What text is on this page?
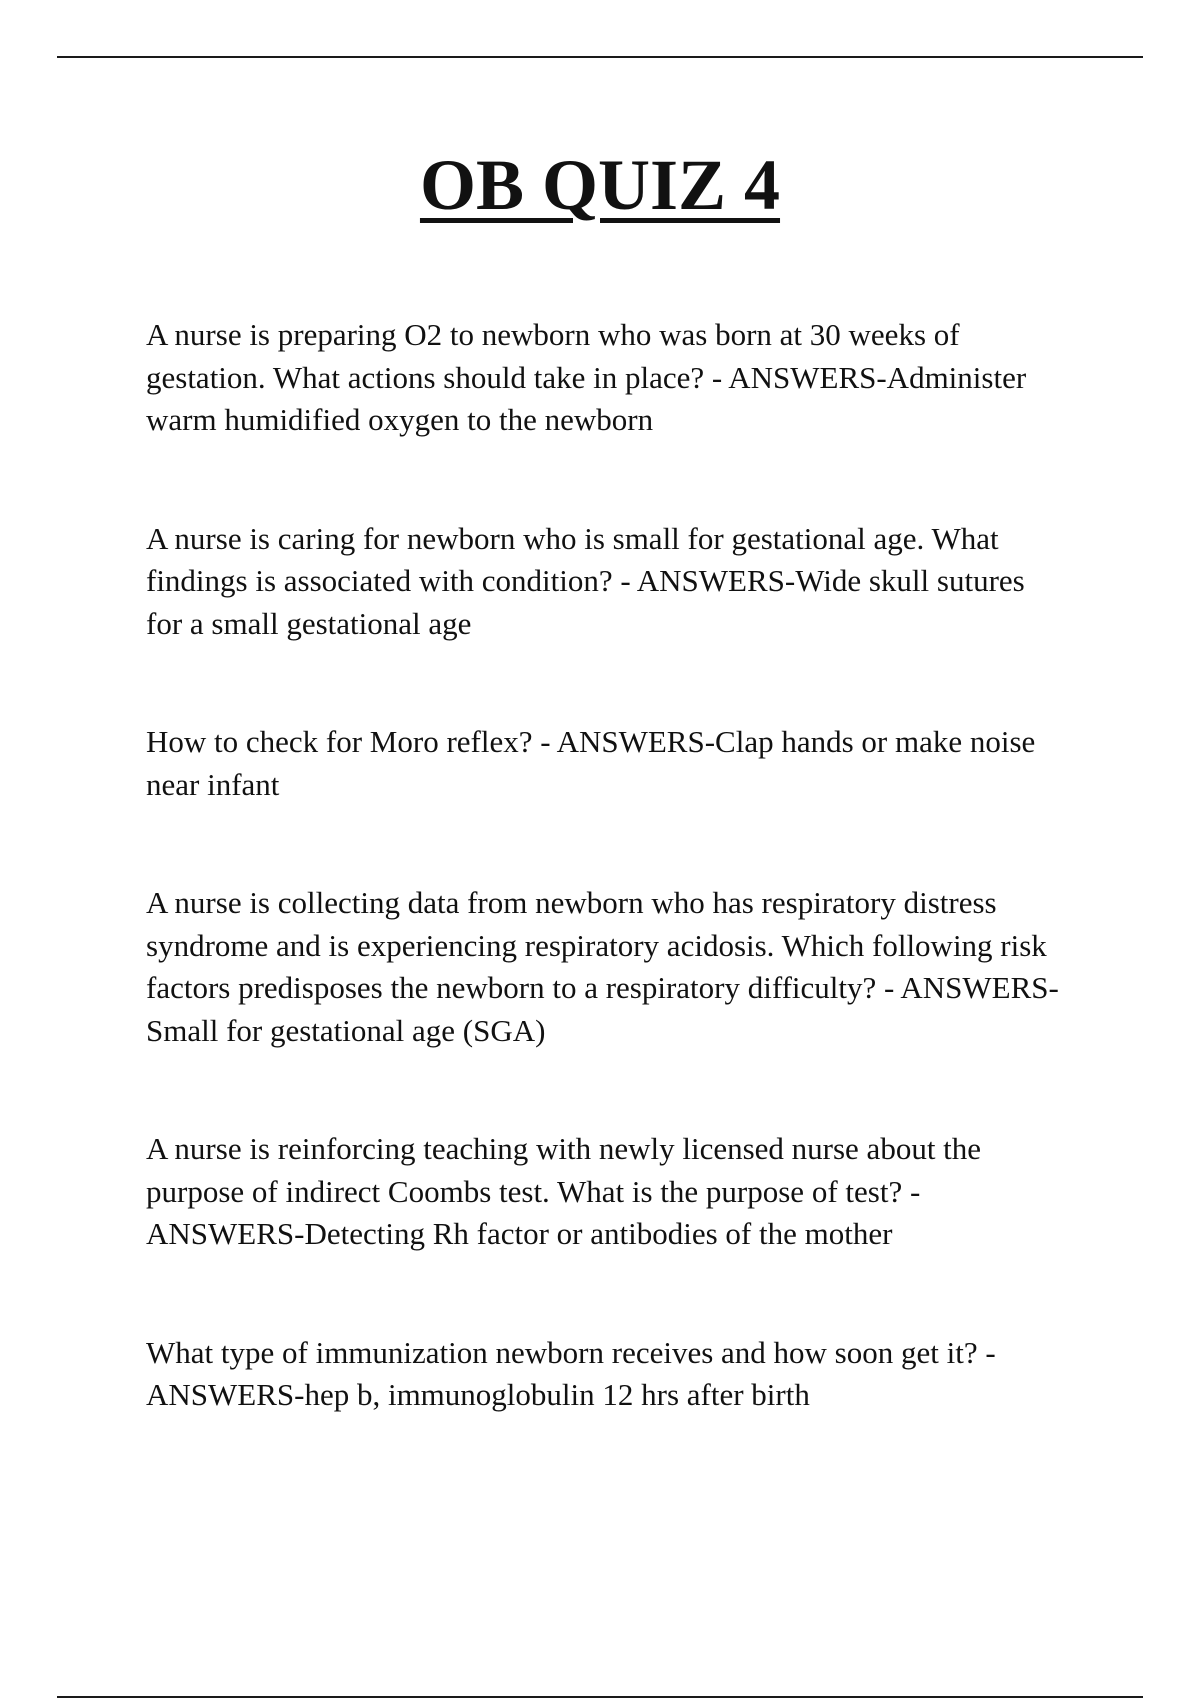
OB QUIZ 4
A nurse is preparing O2 to newborn who was born at 30 weeks of gestation. What actions should take in place? - ANSWERS-Administer warm humidified oxygen to the newborn
A nurse is caring for newborn who is small for gestational age. What findings is associated with condition? - ANSWERS-Wide skull sutures for a small gestational age
How to check for Moro reflex? - ANSWERS-Clap hands or make noise near infant
A nurse is collecting data from newborn who has respiratory distress syndrome and is experiencing respiratory acidosis. Which following risk factors predisposes the newborn to a respiratory difficulty? - ANSWERS-Small for gestational age (SGA)
A nurse is reinforcing teaching with newly licensed nurse about the purpose of indirect Coombs test. What is the purpose of test? - ANSWERS-Detecting Rh factor or antibodies of the mother
What type of immunization newborn receives and how soon get it? - ANSWERS-hep b, immunoglobulin 12 hrs after birth
